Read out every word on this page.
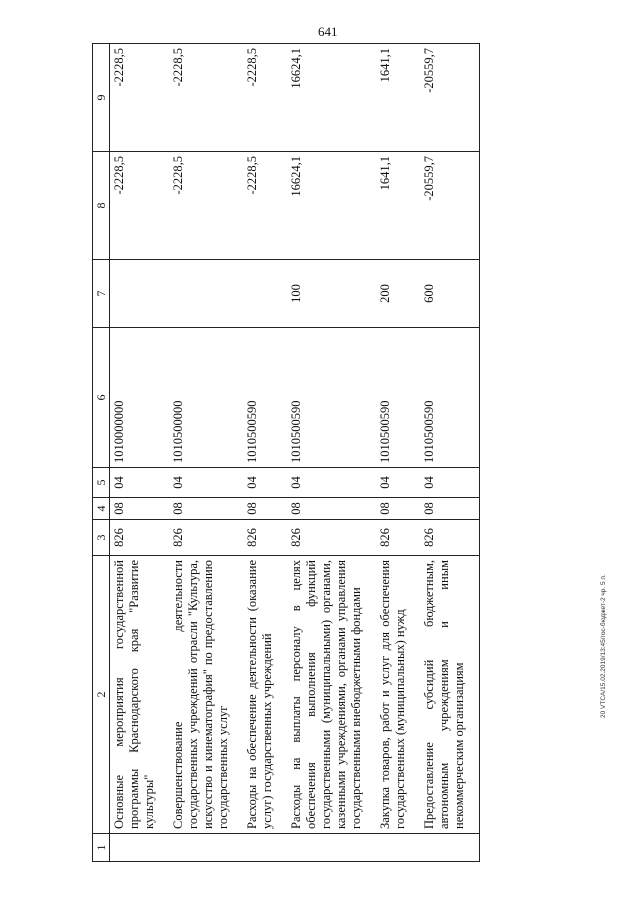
641
20 VTCA/15.02.2019/13:45/гос-бюджет-2 чр. 5 п.
1	2	3	4	5	6	7	8	9
	Основные мероприятия государственной программы Краснодарского края "Развитие культуры"	826	08	04	1010000000		-2228,5	-2228,5
	Совершенствование деятельности государственных учреждений отрасли "Культура, искусство и кинематография" по предоставлению государственных услуг	826	08	04	1010500000		-2228,5	-2228,5
	Расходы на обеспечение деятельности (оказание услуг) государственных учреждений	826	08	04	1010500590		-2228,5	-2228,5
	Расходы на выплаты персоналу в целях обеспечения выполнения функций государственными (муниципальными) органами, казенными учреждениями, органами управления государственными внебюджетными фондами	826	08	04	1010500590	100	16624,1	16624,1
	Закупка товаров, работ и услуг для обеспечения государственных (муниципальных) нужд	826	08	04	1010500590	200	1641,1	1641,1
	Предоставление субсидий бюджетным, автономным учреждениям и иным некоммерческим организациям	826	08	04	1010500590	600	-20559,7	-20559,7
